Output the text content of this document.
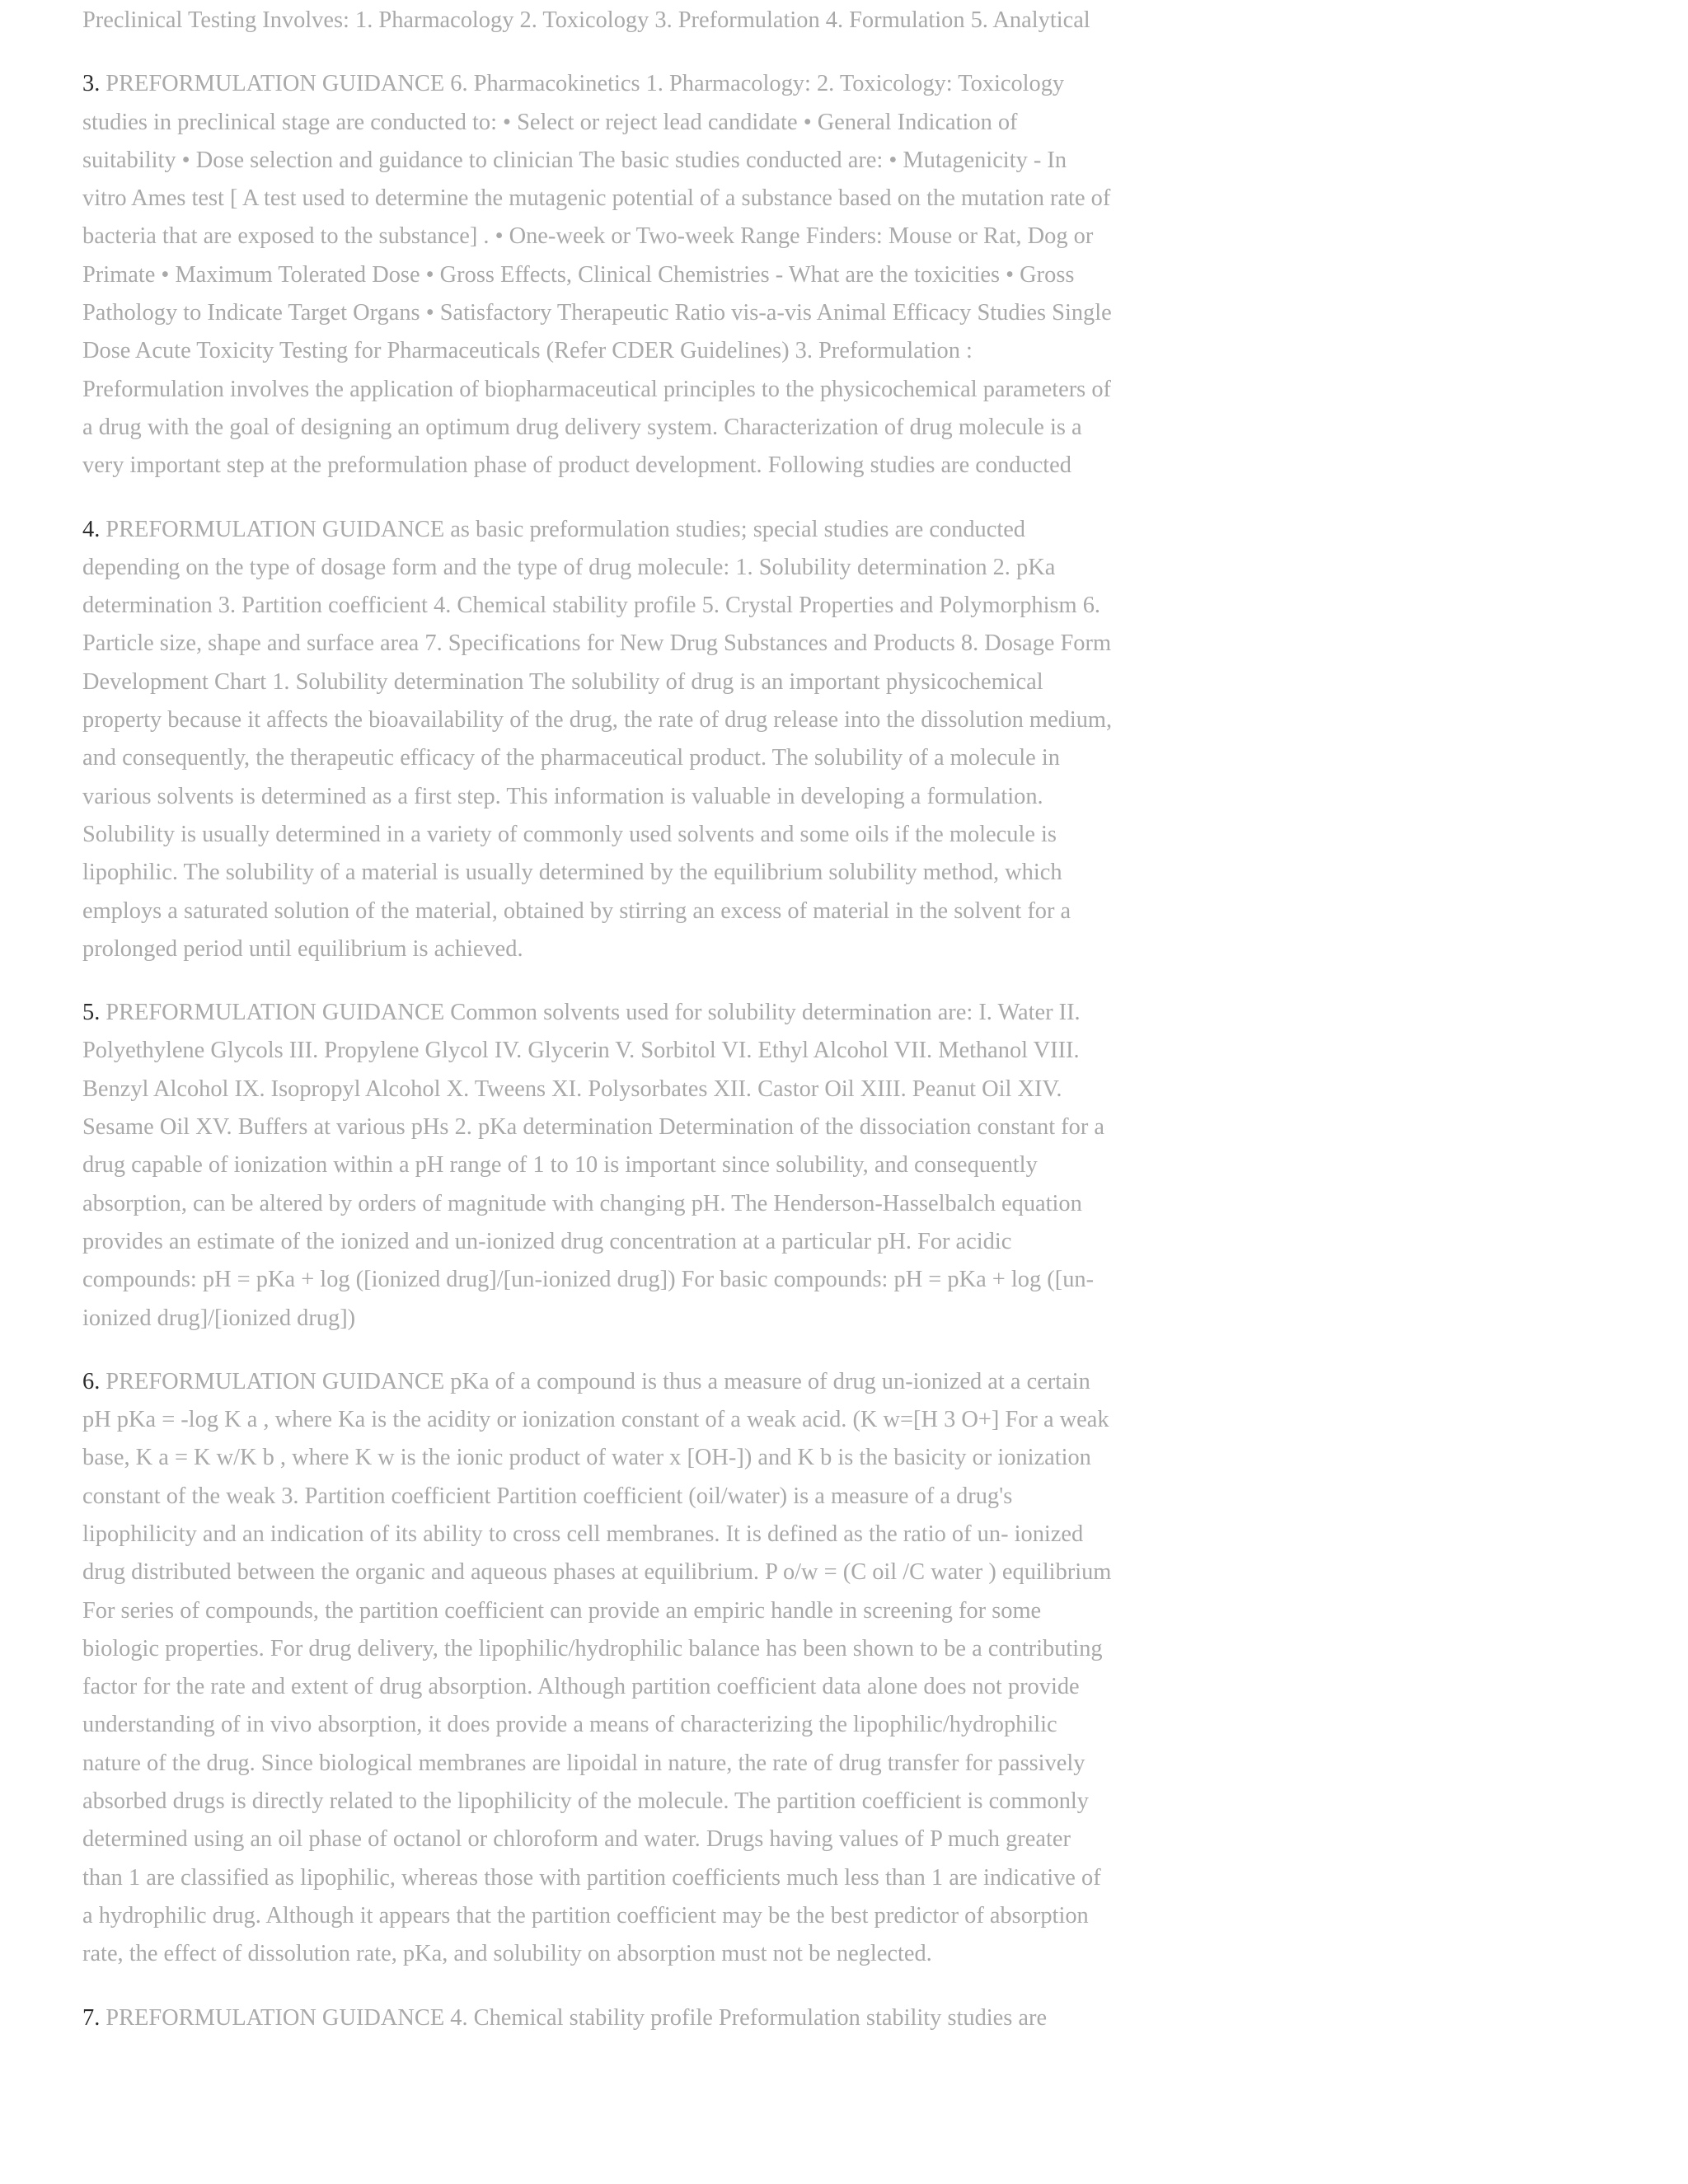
Preclinical Testing Involves: 1. Pharmacology 2. Toxicology 3. Preformulation 4. Formulation 5. Analytical

3. PREFORMULATION GUIDANCE 6. Pharmacokinetics 1. Pharmacology: 2. Toxicology: Toxicology studies in preclinical stage are conducted to: • Select or reject lead candidate • General Indication of suitability • Dose selection and guidance to clinician The basic studies conducted are: • Mutagenicity - In vitro Ames test [ A test used to determine the mutagenic potential of a substance based on the mutation rate of bacteria that are exposed to the substance] . • One-week or Two-week Range Finders: Mouse or Rat, Dog or Primate • Maximum Tolerated Dose • Gross Effects, Clinical Chemistries - What are the toxicities • Gross Pathology to Indicate Target Organs • Satisfactory Therapeutic Ratio vis-a-vis Animal Efficacy Studies Single Dose Acute Toxicity Testing for Pharmaceuticals (Refer CDER Guidelines) 3. Preformulation : Preformulation involves the application of biopharmaceutical principles to the physicochemical parameters of a drug with the goal of designing an optimum drug delivery system. Characterization of drug molecule is a very important step at the preformulation phase of product development. Following studies are conducted

4. PREFORMULATION GUIDANCE as basic preformulation studies; special studies are conducted depending on the type of dosage form and the type of drug molecule: 1. Solubility determination 2. pKa determination 3. Partition coefficient 4. Chemical stability profile 5. Crystal Properties and Polymorphism 6. Particle size, shape and surface area 7. Specifications for New Drug Substances and Products 8. Dosage Form Development Chart 1. Solubility determination The solubility of drug is an important physicochemical property because it affects the bioavailability of the drug, the rate of drug release into the dissolution medium, and consequently, the therapeutic efficacy of the pharmaceutical product. The solubility of a molecule in various solvents is determined as a first step. This information is valuable in developing a formulation. Solubility is usually determined in a variety of commonly used solvents and some oils if the molecule is lipophilic. The solubility of a material is usually determined by the equilibrium solubility method, which employs a saturated solution of the material, obtained by stirring an excess of material in the solvent for a prolonged period until equilibrium is achieved.

5. PREFORMULATION GUIDANCE Common solvents used for solubility determination are: I. Water II. Polyethylene Glycols III. Propylene Glycol IV. Glycerin V. Sorbitol VI. Ethyl Alcohol VII. Methanol VIII. Benzyl Alcohol IX. Isopropyl Alcohol X. Tweens XI. Polysorbates XII. Castor Oil XIII. Peanut Oil XIV. Sesame Oil XV. Buffers at various pHs 2. pKa determination Determination of the dissociation constant for a drug capable of ionization within a pH range of 1 to 10 is important since solubility, and consequently absorption, can be altered by orders of magnitude with changing pH. The Henderson-Hasselbalch equation provides an estimate of the ionized and un-ionized drug concentration at a particular pH. For acidic compounds: pH = pKa + log ([ionized drug]/[un-ionized drug]) For basic compounds: pH = pKa + log ([un-ionized drug]/[ionized drug])

6. PREFORMULATION GUIDANCE pKa of a compound is thus a measure of drug un-ionized at a certain pH pKa = -log K a , where Ka is the acidity or ionization constant of a weak acid. (K w=[H 3 O+] For a weak base, K a = K w/K b , where K w is the ionic product of water x [OH-]) and K b is the basicity or ionization constant of the weak 3. Partition coefficient Partition coefficient (oil/water) is a measure of a drug's lipophilicity and an indication of its ability to cross cell membranes. It is defined as the ratio of un- ionized drug distributed between the organic and aqueous phases at equilibrium. P o/w = (C oil /C water ) equilibrium For series of compounds, the partition coefficient can provide an empiric handle in screening for some biologic properties. For drug delivery, the lipophilic/hydrophilic balance has been shown to be a contributing factor for the rate and extent of drug absorption. Although partition coefficient data alone does not provide understanding of in vivo absorption, it does provide a means of characterizing the lipophilic/hydrophilic nature of the drug. Since biological membranes are lipoidal in nature, the rate of drug transfer for passively absorbed drugs is directly related to the lipophilicity of the molecule. The partition coefficient is commonly determined using an oil phase of octanol or chloroform and water. Drugs having values of P much greater than 1 are classified as lipophilic, whereas those with partition coefficients much less than 1 are indicative of a hydrophilic drug. Although it appears that the partition coefficient may be the best predictor of absorption rate, the effect of dissolution rate, pKa, and solubility on absorption must not be neglected.

7. PREFORMULATION GUIDANCE 4. Chemical stability profile Preformulation stability studies are
